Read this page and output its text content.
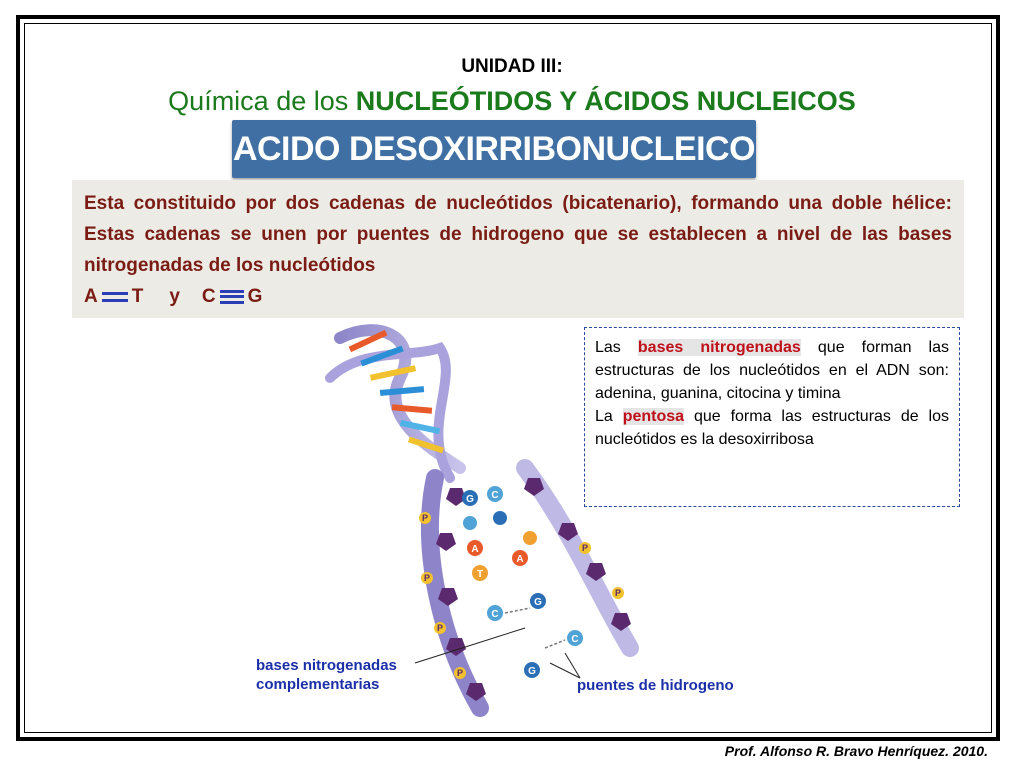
UNIDAD III:
Química de los NUCLEÓTIDOS Y ÁCIDOS NUCLEICOS
ACIDO DESOXIRRIBONUCLEICO

Esta constituido por dos cadenas de nucleótidos (bicatenario), formando una doble hélice: Estas cadenas se unen por puentes de hidrogeno que se establecen a nivel de las bases nitrogenadas de los nucleótidos

A T y C G

Las bases nitrogenadas que forman las estructuras de los nucleótidos en el ADN son: adenina, guanina, citocina y timina

La pentosa que forma las estructuras de los nucleótidos es la desoxirribosa

P
P
P
P
P
P
G C
A
A
T
C
G
C
G
bases nitrogenadas
complementarias	puentes de hidrogeno
Prof. Alfonso R. Bravo Henríquez. 2010.
